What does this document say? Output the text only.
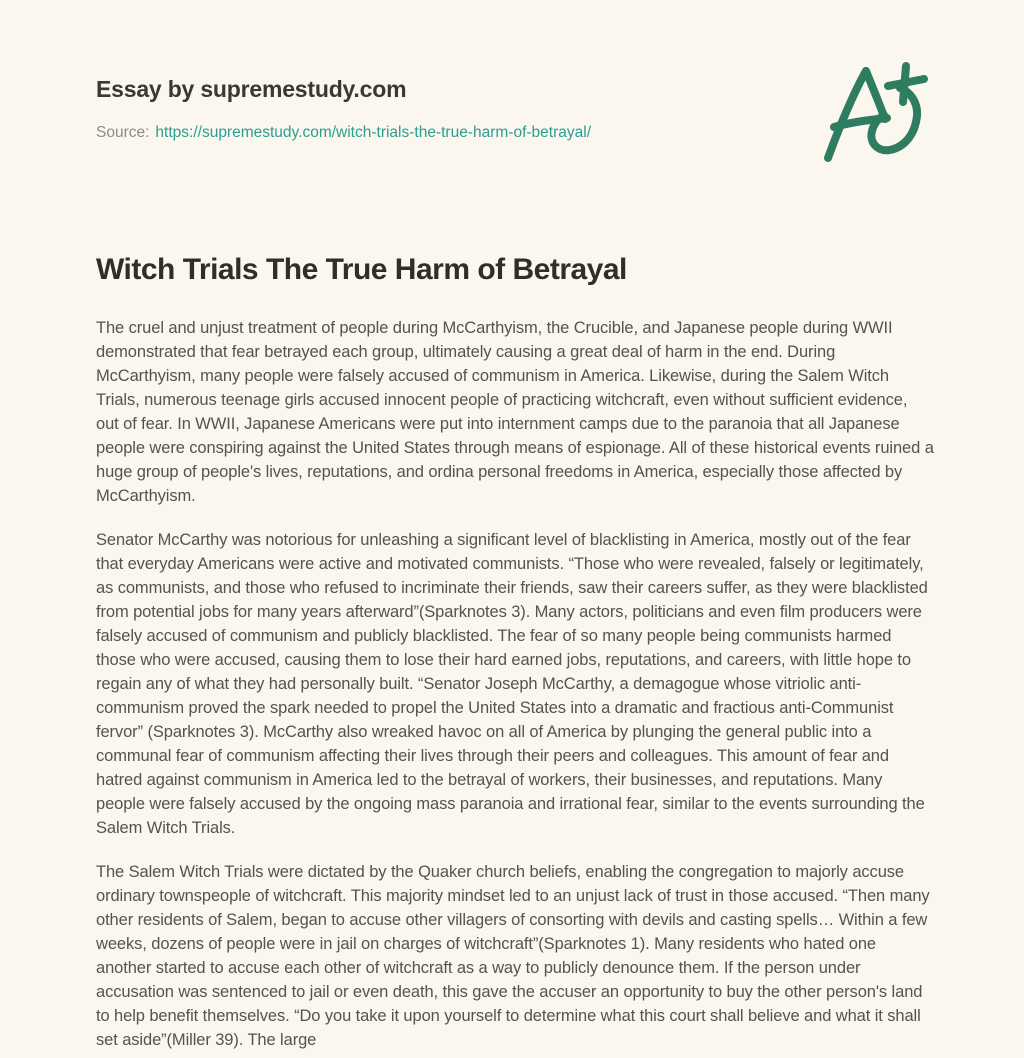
Essay by supremestudy.com
Source: https://supremestudy.com/witch-trials-the-true-harm-of-betrayal/
Witch Trials The True Harm of Betrayal

The cruel and unjust treatment of people during McCarthyism, the Crucible, and Japanese people during WWII demonstrated that fear betrayed each group, ultimately causing a great deal of harm in the end. During McCarthyism, many people were falsely accused of communism in America. Likewise, during the Salem Witch Trials, numerous teenage girls accused innocent people of practicing witchcraft, even without sufficient evidence, out of fear. In WWII, Japanese Americans were put into internment camps due to the paranoia that all Japanese people were conspiring against the United States through means of espionage. All of these historical events ruined a huge group of people's lives, reputations, and ordina personal freedoms in America, especially those affected by McCarthyism.

Senator McCarthy was notorious for unleashing a significant level of blacklisting in America, mostly out of the fear that everyday Americans were active and motivated communists. “Those who were revealed, falsely or legitimately, as communists, and those who refused to incriminate their friends, saw their careers suffer, as they were blacklisted from potential jobs for many years afterward”(Sparknotes 3). Many actors, politicians and even film producers were falsely accused of communism and publicly blacklisted. The fear of so many people being communists harmed those who were accused, causing them to lose their hard earned jobs, reputations, and careers, with little hope to regain any of what they had personally built. “Senator Joseph McCarthy, a demagogue whose vitriolic anti-communism proved the spark needed to propel the United States into a dramatic and fractious anti-Communist fervor” (Sparknotes 3). McCarthy also wreaked havoc on all of America by plunging the general public into a communal fear of communism affecting their lives through their peers and colleagues. This amount of fear and hatred against communism in America led to the betrayal of workers, their businesses, and reputations. Many people were falsely accused by the ongoing mass paranoia and irrational fear, similar to the events surrounding the Salem Witch Trials.

The Salem Witch Trials were dictated by the Quaker church beliefs, enabling the congregation to majorly accuse ordinary townspeople of witchcraft. This majority mindset led to an unjust lack of trust in those accused. “Then many other residents of Salem, began to accuse other villagers of consorting with devils and casting spells… Within a few weeks, dozens of people were in jail on charges of witchcraft”(Sparknotes 1). Many residents who hated one another started to accuse each other of witchcraft as a way to publicly denounce them. If the person under accusation was sentenced to jail or even death, this gave the accuser an opportunity to buy the other person's land to help benefit themselves. “Do you take it upon yourself to determine what this court shall believe and what it shall set aside”(Miller 39). The large
